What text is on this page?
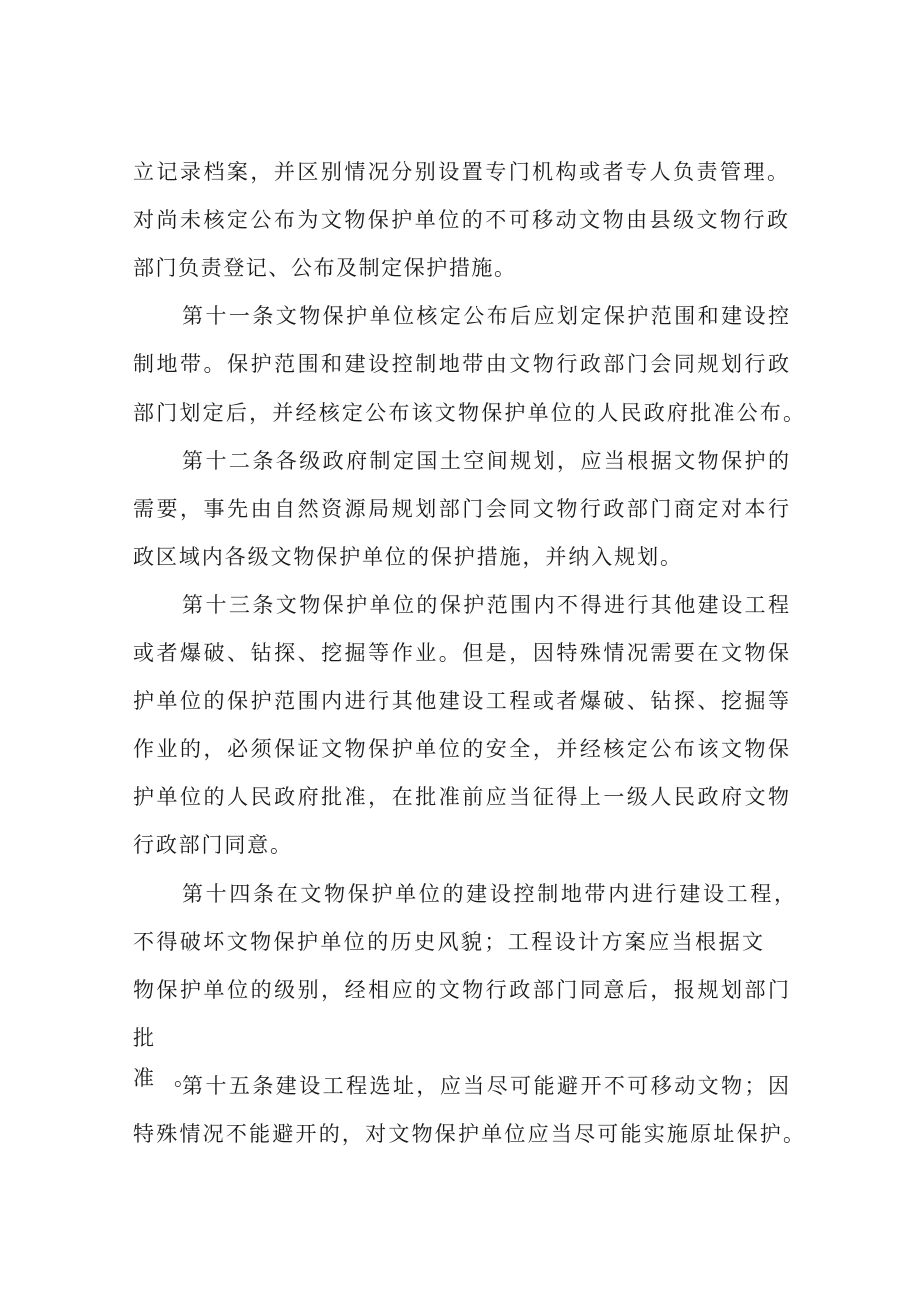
立记录档案，并区别情况分别设置专门机构或者专人负责管理。
对尚未核定公布为文物保护单位的不可移动文物由县级文物行政
部门负责登记、公布及制定保护措施。
第十一条文物保护单位核定公布后应划定保护范围和建设控
制地带。保护范围和建设控制地带由文物行政部门会同规划行政
部门划定后，并经核定公布该文物保护单位的人民政府批准公布。
第十二条各级政府制定国土空间规划，应当根据文物保护的
需要，事先由自然资源局规划部门会同文物行政部门商定对本行
政区域内各级文物保护单位的保护措施，并纳入规划。
第十三条文物保护单位的保护范围内不得进行其他建设工程
或者爆破、钻探、挖掘等作业。但是，因特殊情况需要在文物保
护单位的保护范围内进行其他建设工程或者爆破、钻探、挖掘等
作业的，必须保证文物保护单位的安全，并经核定公布该文物保
护单位的人民政府批准，在批准前应当征得上一级人民政府文物
行政部门同意。
第十四条在文物保护单位的建设控制地带内进行建设工程，
不得破坏文物保护单位的历史风貌；工程设计方案应当根据文
物保护单位的级别，经相应的文物行政部门同意后，报规划部门
批准。
第十五条建设工程选址，应当尽可能避开不可移动文物；因
特殊情况不能避开的，对文物保护单位应当尽可能实施原址保护。
